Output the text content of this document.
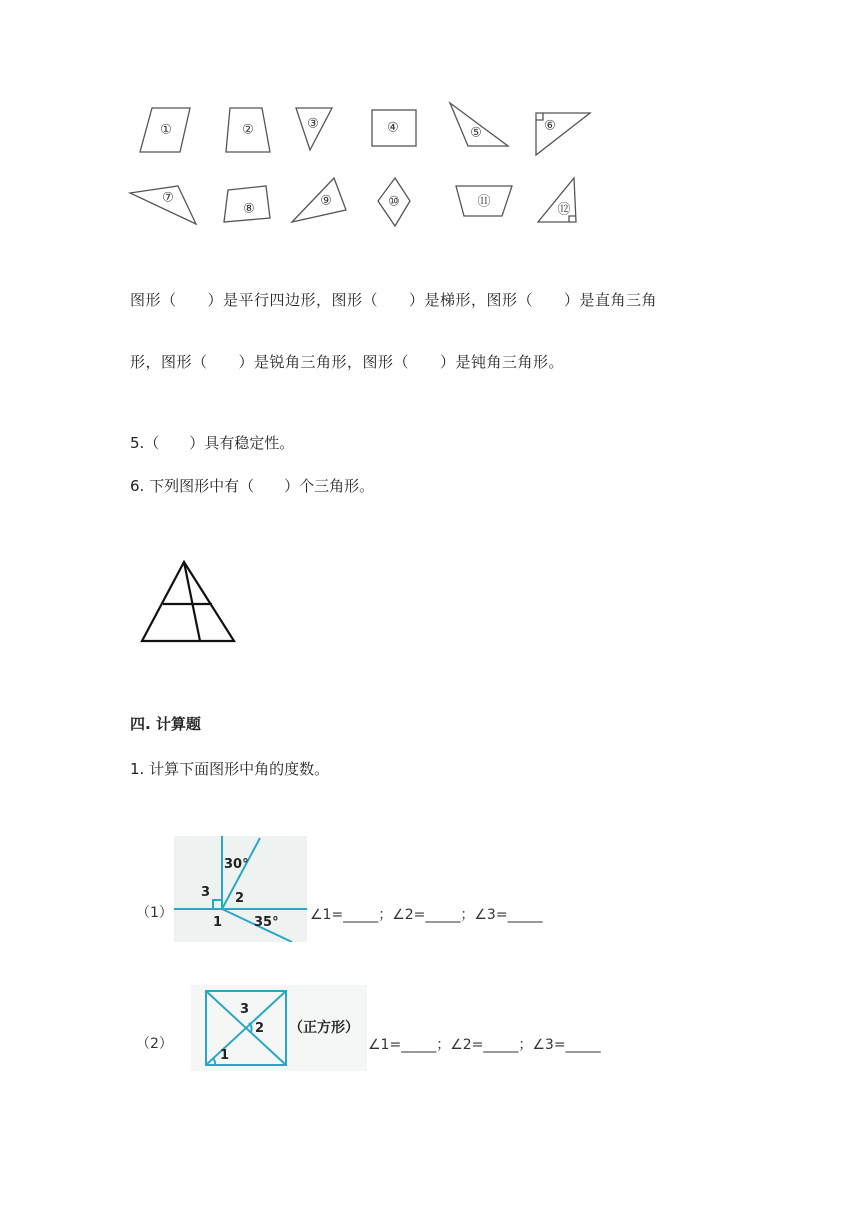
①	②	③	④	⑤	⑥
⑦
⑧
⑨	⑩	⑪
⑫
图形（　　）是平行四边形，图形（　　）是梯形，图形（　　）是直角三角
形，图形（　　）是锐角三角形，图形（　　）是钝角三角形。
5.（　　）具有稳定性。
6. 下列图形中有（　　）个三角形。
四. 计算题
1. 计算下面图形中角的度数。
（1）
30°
3 2
1 35° ∠1=_____；∠2=_____；∠3=_____
（2）
3
2
1
（正方形）
∠1=_____；∠2=_____；∠3=_____
